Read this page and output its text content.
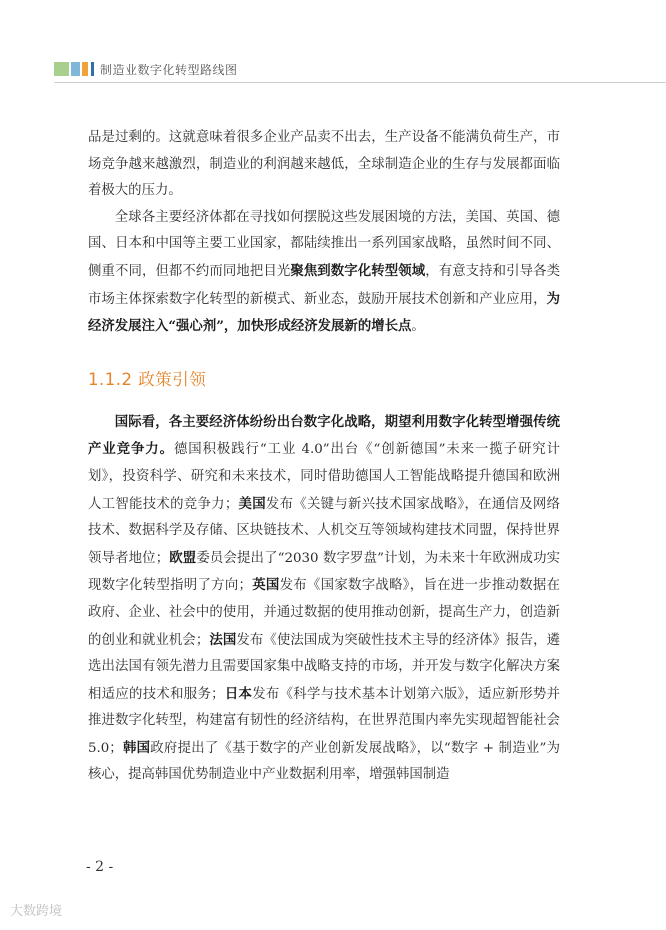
制造业数字化转型路线图

品是过剩的。这就意味着很多企业产品卖不出去，生产设备不能满负荷生产，市场竞争越来越激烈，制造业的利润越来越低，全球制造企业的生存与发展都面临着极大的压力。

全球各主要经济体都在寻找如何摆脱这些发展困境的方法，美国、英国、德国、日本和中国等主要工业国家，都陆续推出一系列国家战略，虽然时间不同、侧重不同，但都不约而同地把目光聚焦到数字化转型领域，有意支持和引导各类市场主体探索数字化转型的新模式、新业态，鼓励开展技术创新和产业应用，为经济发展注入“强心剂”，加快形成经济发展新的增长点。

1.1.2 政策引领

国际看，各主要经济体纷纷出台数字化战略，期望利用数字化转型增强传统产业竞争力。德国积极践行“工业 4.0”出台《“创新德国”未来一揽子研究计划》，投资科学、研究和未来技术，同时借助德国人工智能战略提升德国和欧洲人工智能技术的竞争力；美国发布《关键与新兴技术国家战略》，在通信及网络技术、数据科学及存储、区块链技术、人机交互等领域构建技术同盟，保持世界领导者地位；欧盟委员会提出了“2030 数字罗盘”计划，为未来十年欧洲成功实现数字化转型指明了方向；英国发布《国家数字战略》，旨在进一步推动数据在政府、企业、社会中的使用，并通过数据的使用推动创新，提高生产力，创造新的创业和就业机会；法国发布《使法国成为突破性技术主导的经济体》报告，遴选出法国有领先潜力且需要国家集中战略支持的市场，并开发与数字化解决方案相适应的技术和服务；日本发布《科学与技术基本计划第六版》，适应新形势并推进数字化转型，构建富有韧性的经济结构，在世界范围内率先实现超智能社会 5.0；韩国政府提出了《基于数字的产业创新发展战略》，以“数字 + 制造业”为核心，提高韩国优势制造业中产业数据利用率，增强韩国制造

- 2 -
大数跨境
